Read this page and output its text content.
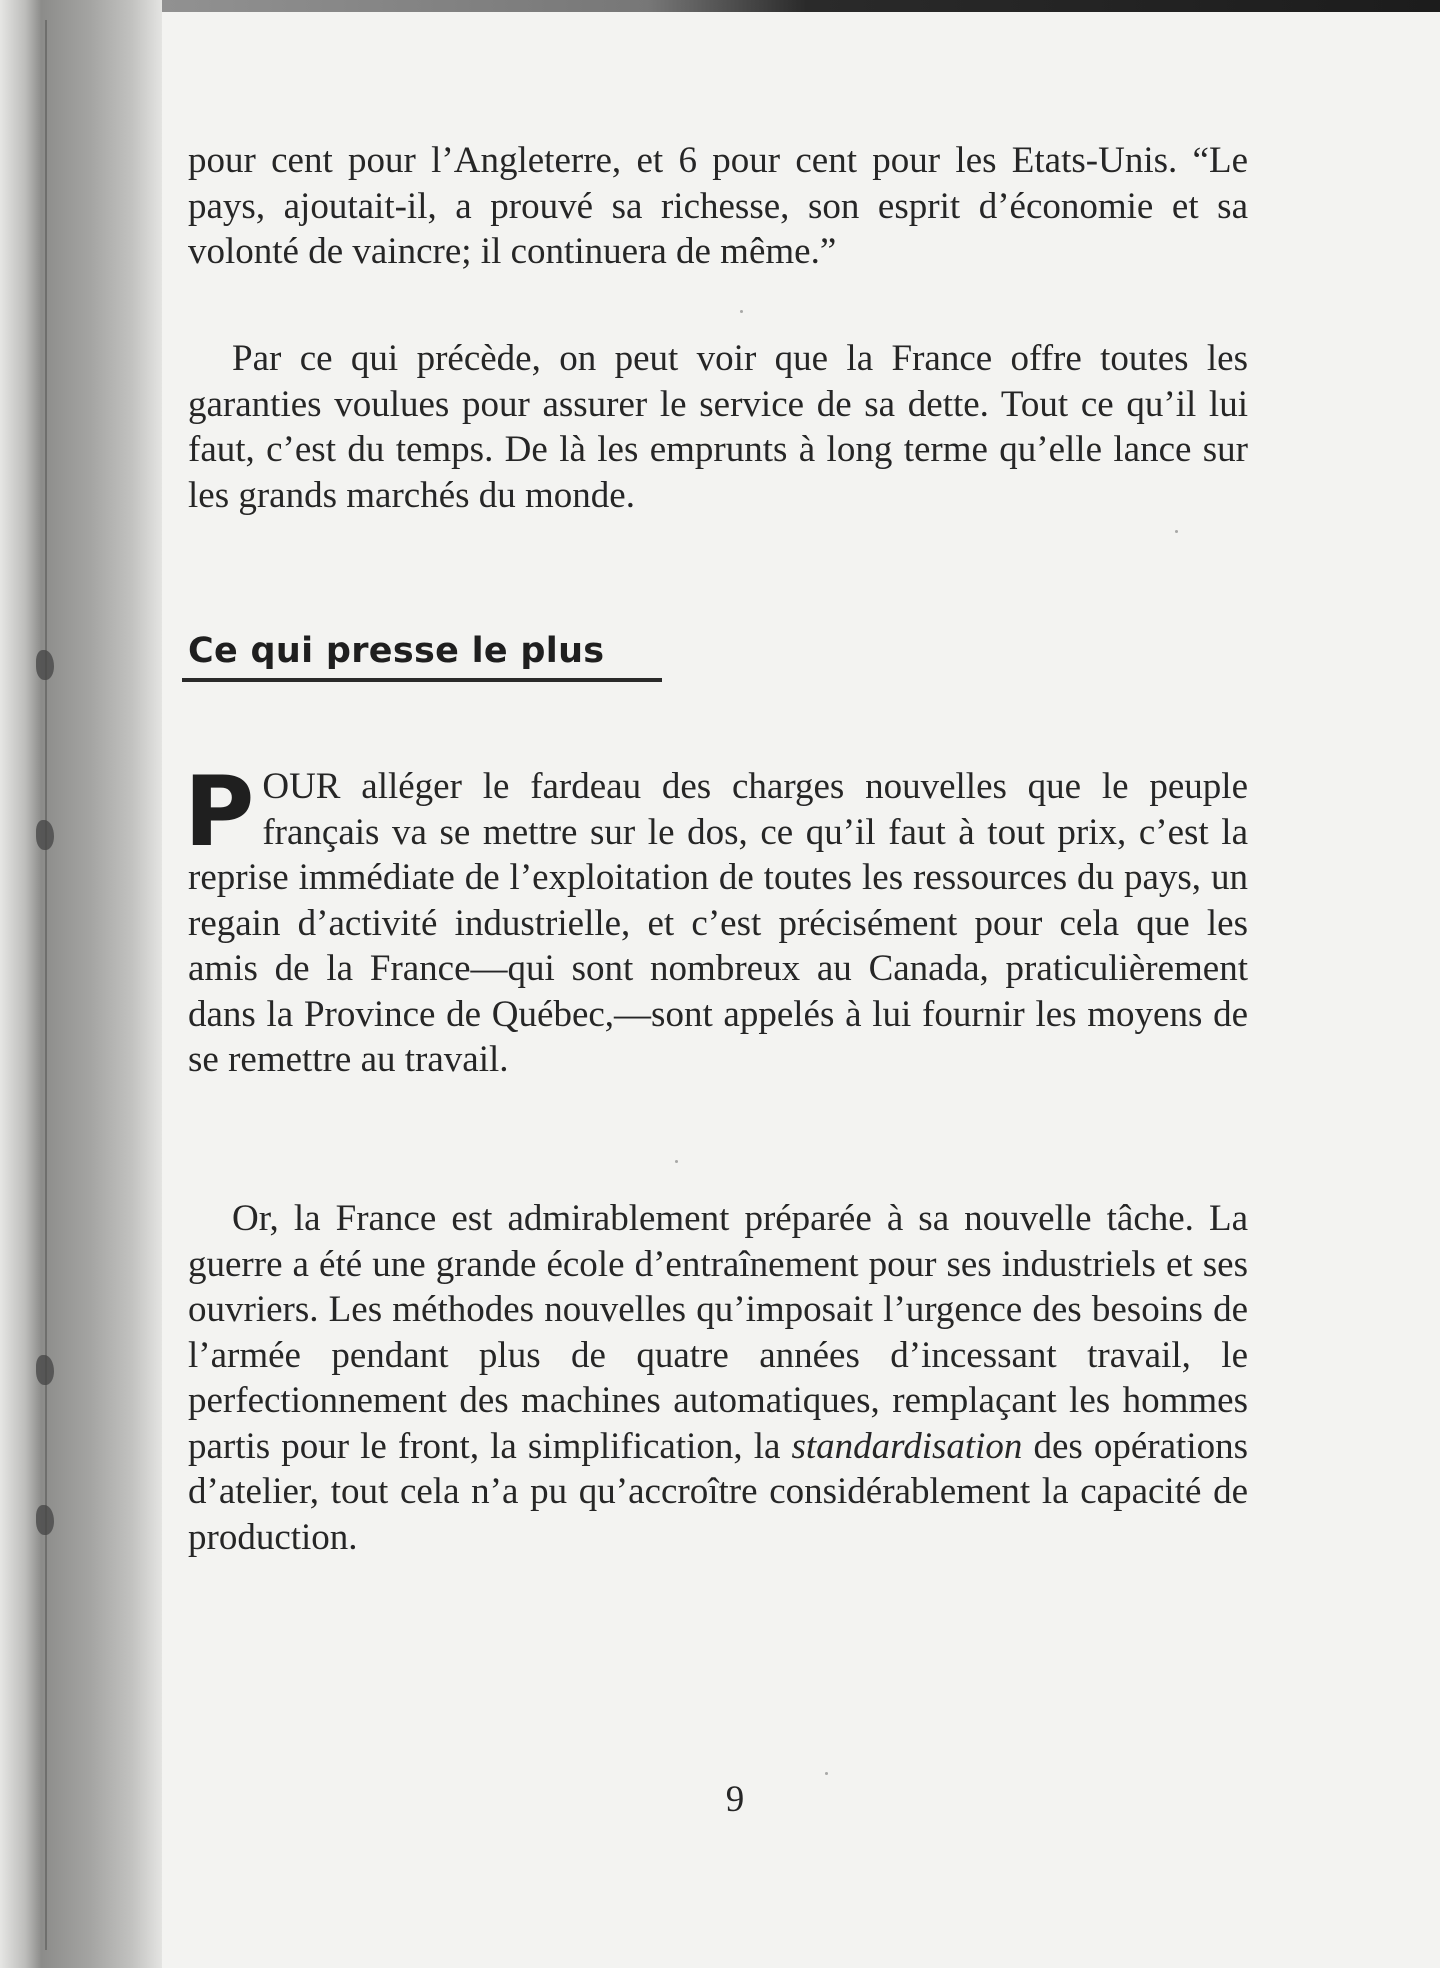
pour cent pour l’Angleterre, et 6 pour cent pour les Etats-Unis. “Le pays, ajoutait-il, a prouvé sa richesse, son esprit d’économie et sa volonté de vaincre; il continuera de même.”

Par ce qui précède, on peut voir que la France offre toutes les garanties voulues pour assurer le service de sa dette. Tout ce qu’il lui faut, c’est du temps. De là les emprunts à long terme qu’elle lance sur les grands marchés du monde.

Ce qui presse le plus

POUR alléger le fardeau des charges nouvelles que le peuple français va se mettre sur le dos, ce qu’il faut à tout prix, c’est la reprise immédiate de l’exploitation de toutes les ressources du pays, un regain d’activité industrielle, et c’est précisément pour cela que les amis de la France—qui sont nombreux au Canada, praticulièrement dans la Province de Québec,—sont appelés à lui fournir les moyens de se remettre au travail.

Or, la France est admirablement préparée à sa nouvelle tâche. La guerre a été une grande école d’entraînement pour ses industriels et ses ouvriers. Les méthodes nouvelles qu’imposait l’urgence des besoins de l’armée pendant plus de quatre années d’incessant travail, le perfectionnement des machines automatiques, remplaçant les hommes partis pour le front, la simplification, la standardisation des opérations d’atelier, tout cela n’a pu qu’accroître considérablement la capacité de production.

9
